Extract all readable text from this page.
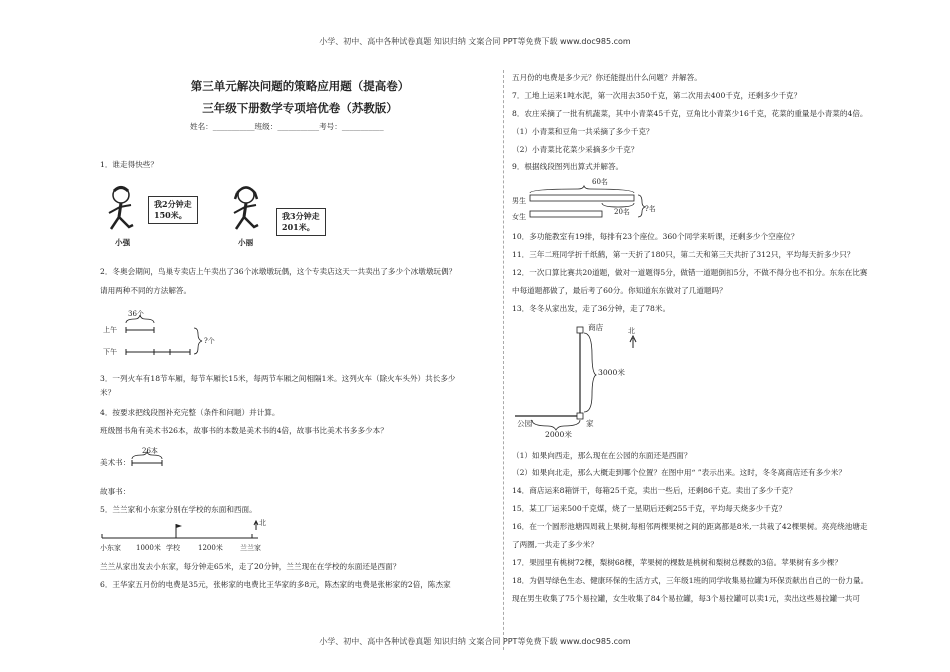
小学、初中、高中各种试卷真题 知识归纳 文案合同 PPT等免费下载 www.doc985.com
小学、初中、高中各种试卷真题 知识归纳 文案合同 PPT等免费下载 www.doc985.com
第三单元解决问题的策略应用题（提高卷）
三年级下册数学专项培优卷（苏教版）
姓名：___________班级：___________考号：___________
1．谁走得快些？
我2分钟走
150米。
小强
我3分钟走
201米。
小丽
2．冬奥会期间，鸟巢专卖店上午卖出了36个冰墩墩玩偶，这个专卖店这天一共卖出了多少个冰墩墩玩偶？
请用两种不同的方法解答。
36个
上午
下午
?个
3．一列火车有18节车厢，每节车厢长15米，每两节车厢之间相隔1米。这列火车（除火车头外）共长多少
米？
4．按要求把线段图补充完整（条件和问题）并计算。
班级图书角有美术书26本，故事书的本数是美术书的4倍，故事书比美术书多多少本？
26本
美术书：
故事书：
5．兰兰家和小东家分别在学校的东面和西面。
北
小东家 1000米 学校	1200米 兰兰家
兰兰从家出发去小东家，每分钟走65米，走了20分钟，兰兰现在在学校的东面还是西面？
6．王华家五月份的电费是35元，张彬家的电费比王华家的多8元，陈杰家的电费是张彬家的2倍，陈杰家
五月份的电费是多少元？你还能提出什么问题？并解答。
7．工地上运来1吨水泥，第一次用去350千克，第二次用去400千克，还剩多少千克？
8．农庄采摘了一批有机蔬菜，其中小青菜45千克，豆角比小青菜少16千克，花菜的重量是小青菜的4倍。
（1）小青菜和豆角一共采摘了多少千克？
（2）小青菜比花菜少采摘多少千克？
9．根据线段图列出算式并解答。
60名
男生
女生
20名 ?名
10．多功能教室有19排，每排有23个座位。360个同学来听课，还剩多少个空座位？
11．三年二班同学折千纸鹤，第一天折了180只，第二天和第三天共折了312只，平均每天折多少只？
12．一次口算比赛共20道题，做对一道题得5分，做错一道题倒扣5分，不做不得分也不扣分。东东在比赛
中每道题都做了，最后考了60分。你知道东东做对了几道题吗？
13．冬冬从家出发，走了36分钟，走了78米。
商店	北
3000米
公园	家
2000米
（1）如果向西走，那么现在在公园的东面还是西面？
（2）如果向北走，那么大概走到哪个位置？在图中用“ ”表示出来。这时，冬冬离商店还有多少米？
14．商店运来8箱饼干，每箱25千克，卖出一些后，还剩86千克。卖出了多少千克？
15．某工厂运来500千克煤，烧了一星期后还剩255千克，平均每天烧多少千克？
16．在一个圆形池塘四周栽上果树,每相邻两棵果树之间的距离都是8米,一共栽了42棵果树。亮亮绕池塘走
了两圈,一共走了多少米？
17．果园里有桃树72棵，梨树68棵，苹果树的棵数是桃树和梨树总棵数的3倍。苹果树有多少棵？
18．为倡导绿色生态、健康环保的生活方式，三年级1班的同学收集易拉罐为环保贡献出自己的一份力量。
现在男生收集了75个易拉罐，女生收集了84个易拉罐，每3个易拉罐可以卖1元，卖出这些易拉罐一共可
